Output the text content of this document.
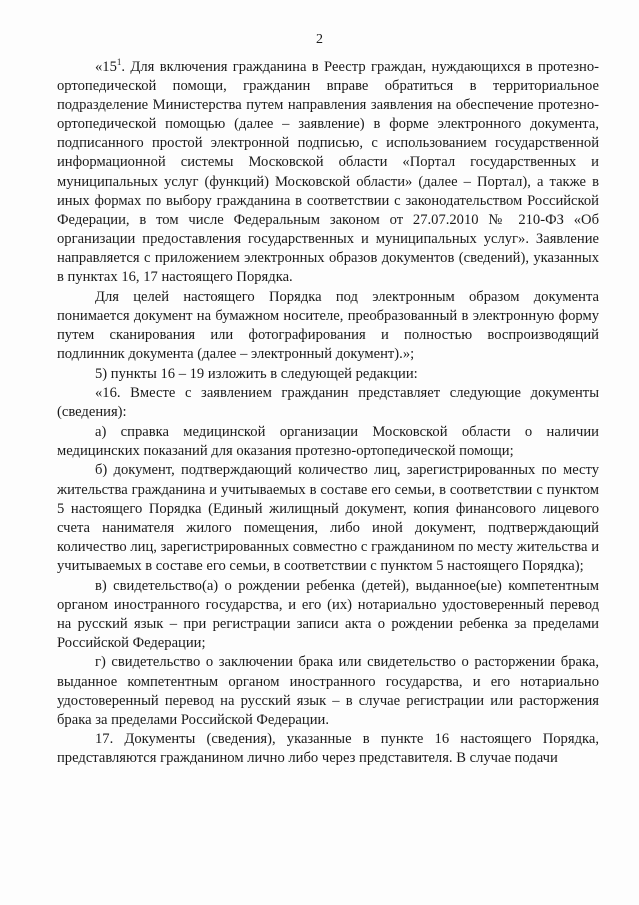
2

«$15^1$. Для включения гражданина в Реестр граждан, нуждающихся в протезно-ортопедической помощи, гражданин вправе обратиться в территориальное подразделение Министерства путем направления заявления на обеспечение протезно-ортопедической помощью (далее – заявление) в форме электронного документа, подписанного простой электронной подписью, с использованием государственной информационной системы Московской области «Портал государственных и муниципальных услуг (функций) Московской области» (далее – Портал), а также в иных формах по выбору гражданина в соответствии с законодательством Российской Федерации, в том числе Федеральным законом от 27.07.2010 № 210-ФЗ «Об организации предоставления государственных и муниципальных услуг». Заявление направляется с приложением электронных образов документов (сведений), указанных в пунктах 16, 17 настоящего Порядка.

Для целей настоящего Порядка под электронным образом документа понимается документ на бумажном носителе, преобразованный в электронную форму путем сканирования или фотографирования и полностью воспроизводящий подлинник документа (далее – электронный документ).»;

5) пункты 16 – 19 изложить в следующей редакции:

«16. Вместе с заявлением гражданин представляет следующие документы (сведения):

а) справка медицинской организации Московской области о наличии медицинских показаний для оказания протезно-ортопедической помощи;

б) документ, подтверждающий количество лиц, зарегистрированных по месту жительства гражданина и учитываемых в составе его семьи, в соответствии с пунктом 5 настоящего Порядка (Единый жилищный документ, копия финансового лицевого счета нанимателя жилого помещения, либо иной документ, подтверждающий количество лиц, зарегистрированных совместно с гражданином по месту жительства и учитываемых в составе его семьи, в соответствии с пунктом 5 настоящего Порядка);

в) свидетельство(а) о рождении ребенка (детей), выданное(ые) компетентным органом иностранного государства, и его (их) нотариально удостоверенный перевод на русский язык – при регистрации записи акта о рождении ребенка за пределами Российской Федерации;

г) свидетельство о заключении брака или свидетельство о расторжении брака, выданное компетентным органом иностранного государства, и его нотариально удостоверенный перевод на русский язык – в случае регистрации или расторжения брака за пределами Российской Федерации.

17. Документы (сведения), указанные в пункте 16 настоящего Порядка, представляются гражданином лично либо через представителя. В случае подачи
